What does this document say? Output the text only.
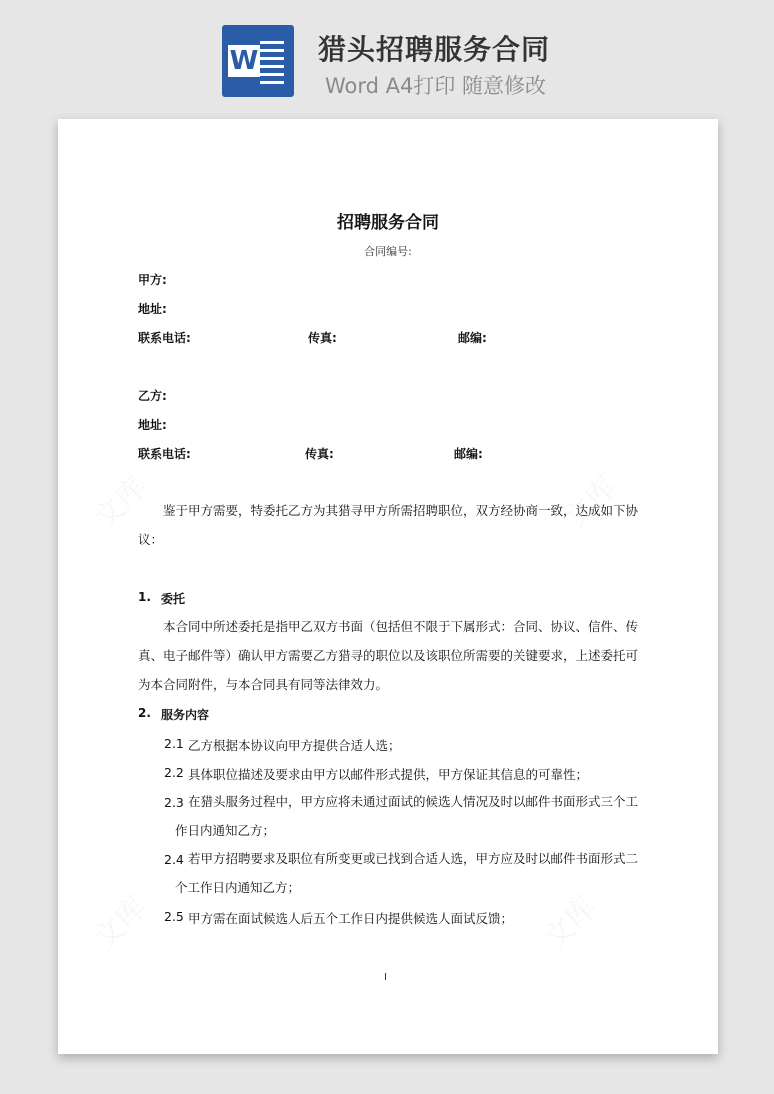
W 猎头招聘服务合同
Word A4打印 随意修改
招聘服务合同
合同编号:
甲方:
地址:
联系电话:	传真:	邮编:
乙方:
地址:
联系电话:	传真:	邮编:
鉴于甲方需要，特委托乙方为其猎寻甲方所需招聘职位，双方经协商一致，达成如下协议：
1. 委托
本合同中所述委托是指甲乙双方书面（包括但不限于下属形式：合同、协议、信件、传真、电子邮件等）确认甲方需要乙方猎寻的职位以及该职位所需要的关键要求，上述委托可为本合同附件，与本合同具有同等法律效力。
2. 服务内容
2.1 乙方根据本协议向甲方提供合适人选；
2.2 具体职位描述及要求由甲方以邮件形式提供，甲方保证其信息的可靠性；
2.3 在猎头服务过程中，甲方应将未通过面试的候选人情况及时以邮件书面形式三个工作日内通知乙方；
2.4 若甲方招聘要求及职位有所变更或已找到合适人选，甲方应及时以邮件书面形式二个工作日内通知乙方；
2.5 甲方需在面试候选人后五个工作日内提供候选人面试反馈；
I
